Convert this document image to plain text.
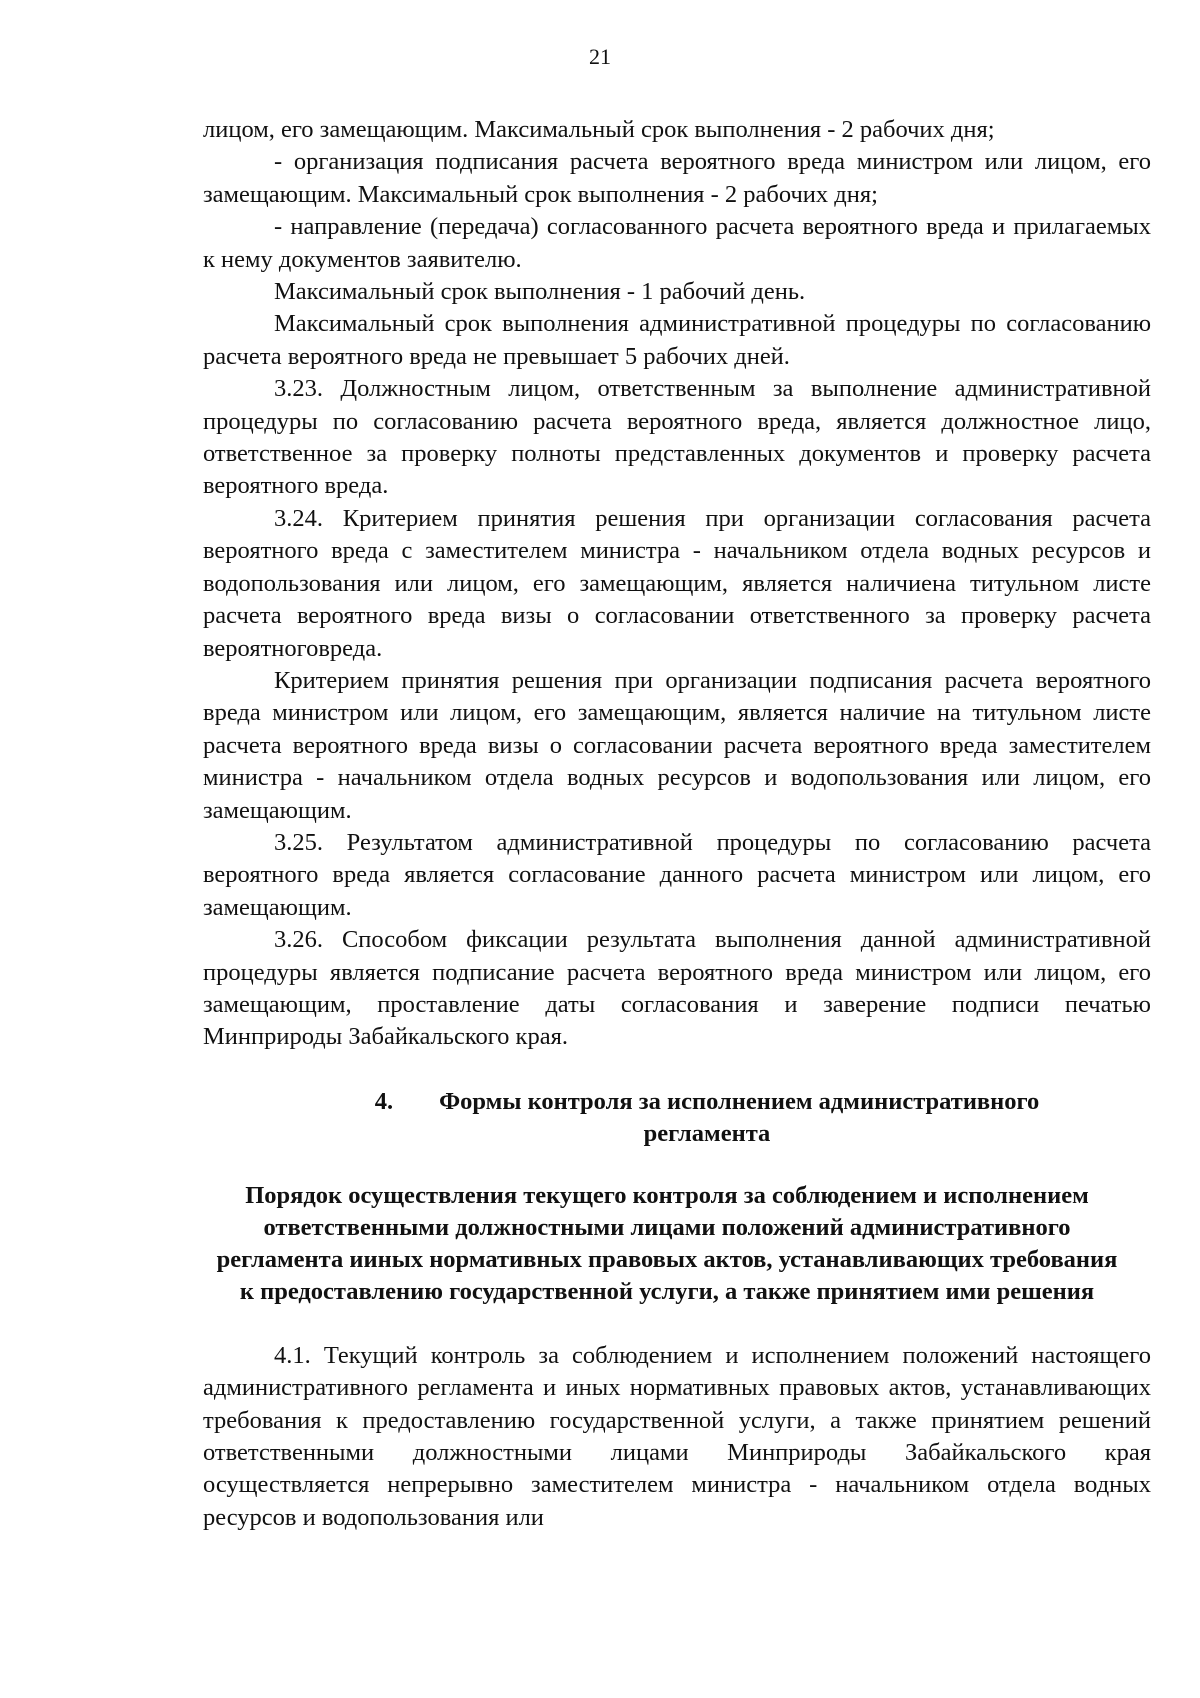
21

лицом, его замещающим. Максимальный срок выполнения - 2 рабочих дня;

- организация подписания расчета вероятного вреда министром или лицом, его замещающим. Максимальный срок выполнения - 2 рабочих дня;

- направление (передача) согласованного расчета вероятного вреда и прилагаемых к нему документов заявителю.

Максимальный срок выполнения - 1 рабочий день.

Максимальный срок выполнения административной процедуры по согласованию расчета вероятного вреда не превышает 5 рабочих дней.

3.23. Должностным лицом, ответственным за выполнение административной процедуры по согласованию расчета вероятного вреда, является должностное лицо, ответственное за проверку полноты представленных документов и проверку расчета вероятного вреда.

3.24. Критерием принятия решения при организации согласования расчета вероятного вреда с заместителем министра - начальником отдела водных ресурсов и водопользования или лицом, его замещающим, является наличиена титульном листе расчета вероятного вреда визы о согласовании ответственного за проверку расчета вероятноговреда.

Критерием принятия решения при организации подписания расчета вероятного вреда министром или лицом, его замещающим, является наличие на титульном листе расчета вероятного вреда визы о согласовании расчета вероятного вреда заместителем министра - начальником отдела водных ресурсов и водопользования или лицом, его замещающим.

3.25. Результатом административной процедуры по согласованию расчета вероятного вреда является согласование данного расчета министром или лицом, его замещающим.

3.26. Способом фиксации результата выполнения данной административной процедуры является подписание расчета вероятного вреда министром или лицом, его замещающим, проставление даты согласования и заверение подписи печатью Минприроды Забайкальского края.

4. Формы контроля за исполнением административного регламента
Порядок осуществления текущего контроля за соблюдением и исполнением ответственными должностными лицами положений административного регламента ииных нормативных правовых актов, устанавливающих требования к предоставлению государственной услуги, а также принятием ими решения

4.1. Текущий контроль за соблюдением и исполнением положений настоящего административного регламента и иных нормативных правовых актов, устанавливающих требования к предоставлению государственной услуги, а также принятием решений ответственными должностными лицами Минприроды Забайкальского края осуществляется непрерывно заместителем министра - начальником отдела водных ресурсов и водопользования или
